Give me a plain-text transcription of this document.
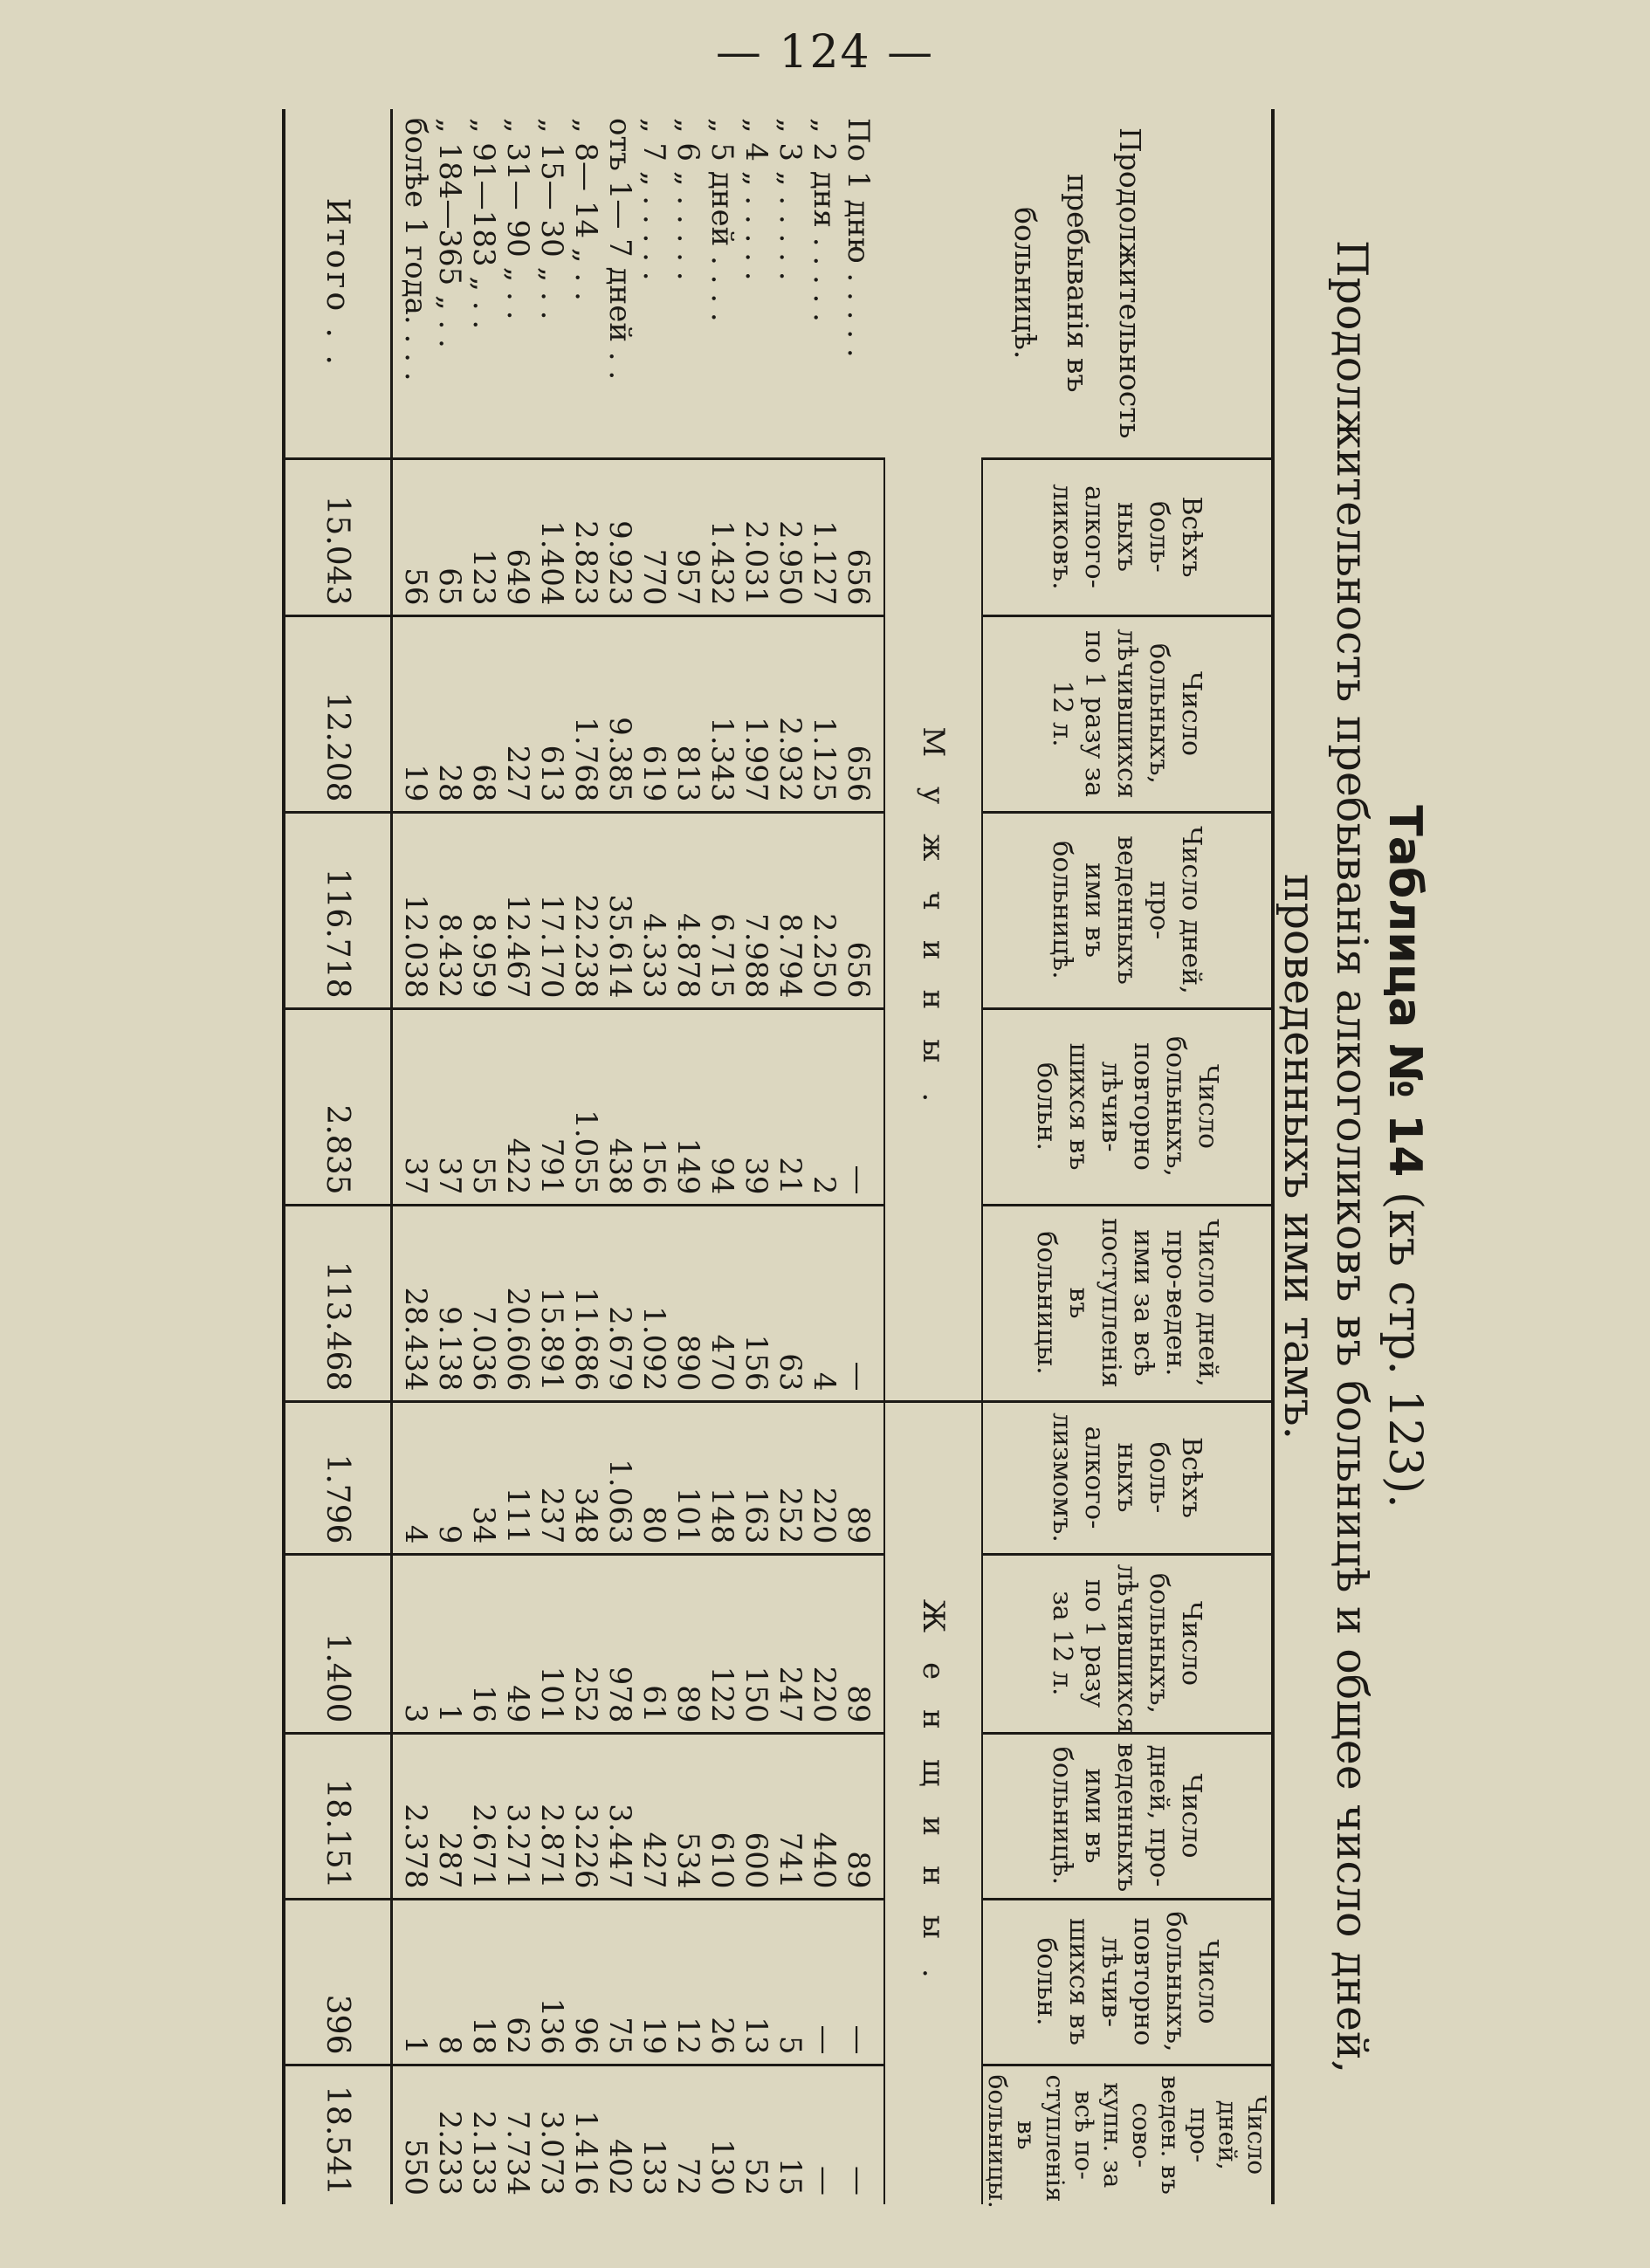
— 124 —
Таблица № 14 (къ стр. 123).
Продолжительность пребыванія алкоголиковъ въ больницѣ и общее число дней, проведенныхъ ими тамъ.
Продолжительность пребыванія въ больницѣ.	Всѣхъ боль-ныхъ алкого-ликовъ.	Число больныхъ, лѣчившихся по 1 разу за 12 л.	Число дней, про-веденныхъ ими въ больницѣ.	Число больныхъ, повторно лѣчив-шихся въ больн.	Число дней, про-веден. ими за всѣ поступленія въ больницы.	Всѣхъ боль-ныхъ алкого-лизмомъ.	Число больныхъ, лѣчившихся по 1 разу за 12 л.	Число дней, про-веденныхъ ими въ больницѣ.	Число больныхъ, повторно лѣчив-шихся въ больн.	Число дней, про-веден. въ сово-купн. за всѣ по-ступленія въ больницы.
	Мужчины.					Женщины.				
По 1 дню . . . . .	656	656	656	—	—	89	89	89	—	—
„ 2 дня . . . . .	1.127	1.125	2.250	2	4	220	220	440	—	—
„ 3 „ . . . . .	2.950	2.932	8.794	21	63	252	247	741	5	15
„ 4 „ . . . . .	2.031	1.997	7.988	39	156	163	150	600	13	52
„ 5 дней . . . .	1.432	1.343	6.715	94	470	148	122	610	26	130
„ 6 „ . . . . .	957	813	4.878	149	890	101	89	534	12	72
„ 7 „ . . . . .	770	619	4.333	156	1.092	80	61	427	19	133
отъ 1— 7 дней . .	9.923	9.385	35.614	438	2.679	1.063	978	3.447	75	402
„ 8— 14 „ . .	2.823	1.768	22.238	1.055	11.686	348	252	3.226	96	1.416
„ 15— 30 „ . .	1.404	613	17.170	791	15.891	237	101	2.871	136	3.073
„ 31— 90 „ . .	649	227	12.467	422	20.606	111	49	3.271	62	7.734
„ 91—183 „ . .	123	68	8.959	55	7.036	34	16	2.671	18	2.133
„ 184—365 „ . .	65	28	8.432	37	9.138	9	1	287	8	2.233
болѣе 1 года. . . .	56	19	12.038	37	28.434	4	3	2.378	1	550
Итого . .	15.043	12.208	116.718	2.835	113.468	1.796	1.400	18.151	396	18.541
